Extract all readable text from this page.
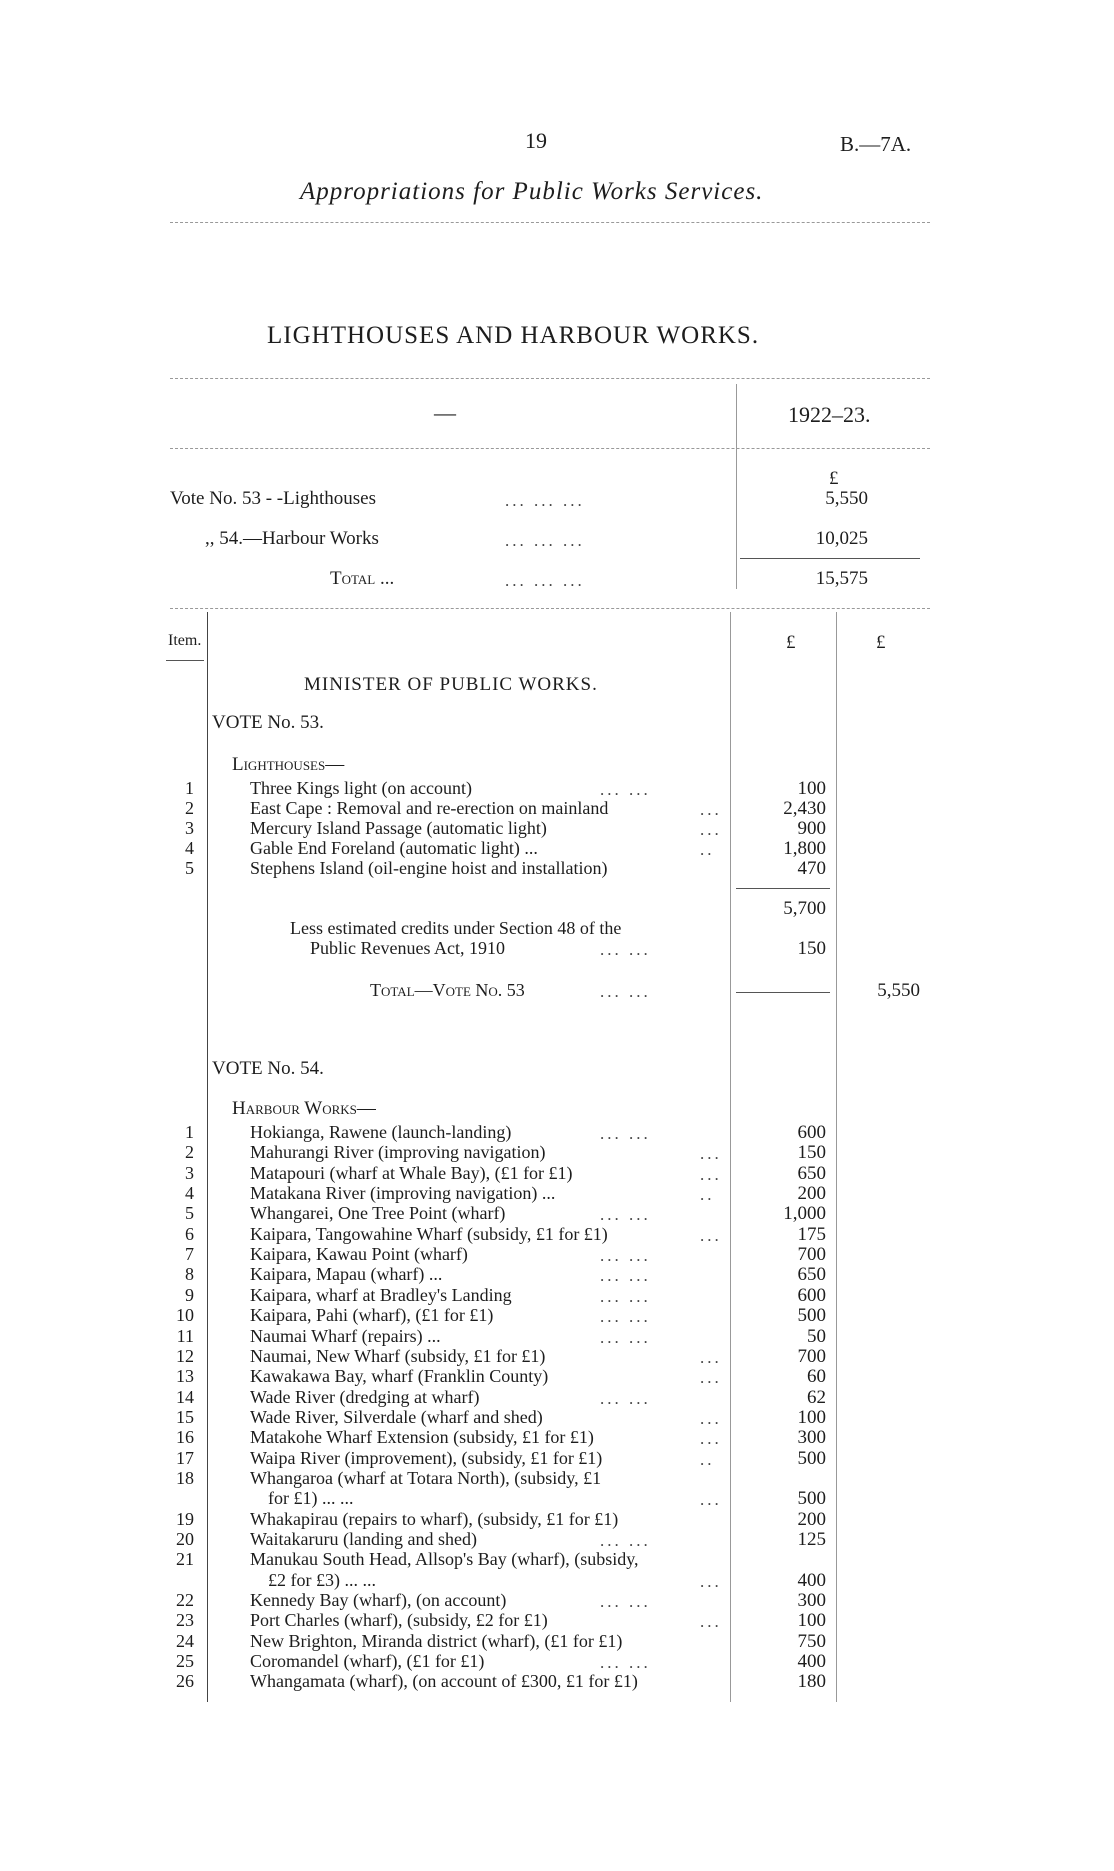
19	B.—7A.
Appropriations for Public Works Services.
LIGHTHOUSES AND HARBOUR WORKS.
—	1922–23.
£
Vote No. 53 - -Lighthouses	... ... ...	5,550
,, 54.—Harbour Works	... ... ...	10,025
Total ...	... ... ...	15,575
Item.	£	£
MINISTER OF PUBLIC WORKS.
VOTE No. 53.
Lighthouses—
1	Three Kings light (on account)	... ...	100
2	East Cape : Removal and re-erection on mainland	...	2,430
3	Mercury Island Passage (automatic light)	...	900
4	Gable End Foreland (automatic light) ...	..	1,800
5	Stephens Island (oil-engine hoist and installation)	470
5,700
Less estimated credits under Section 48 of the
Public Revenues Act, 1910	... ...	150
Total—Vote No. 53	... ...	5,550
VOTE No. 54.
Harbour Works—
1	Hokianga, Rawene (launch-landing)	... ...	600
2	Mahurangi River (improving navigation)	...	150
3	Matapouri (wharf at Whale Bay), (£1 for £1)	...	650
4	Matakana River (improving navigation) ...	..	200
5	Whangarei, One Tree Point (wharf)	... ...	1,000
6	Kaipara, Tangowahine Wharf (subsidy, £1 for £1)	...	175
7	Kaipara, Kawau Point (wharf)	... ...	700
8	Kaipara, Mapau (wharf) ...	... ...	650
9	Kaipara, wharf at Bradley's Landing	... ...	600
10	Kaipara, Pahi (wharf), (£1 for £1)	... ...	500
11	Naumai Wharf (repairs) ...	... ...	50
12	Naumai, New Wharf (subsidy, £1 for £1)	...	700
13	Kawakawa Bay, wharf (Franklin County)	...	60
14	Wade River (dredging at wharf)	... ...	62
15	Wade River, Silverdale (wharf and shed)	...	100
16	Matakohe Wharf Extension (subsidy, £1 for £1)	...	300
17	Waipa River (improvement), (subsidy, £1 for £1)	..	500
18	Whangaroa (wharf at Totara North), (subsidy, £1
for £1) ... ...	...	500
19	Whakapirau (repairs to wharf), (subsidy, £1 for £1)	200
20	Waitakaruru (landing and shed)	... ...	125
21	Manukau South Head, Allsop's Bay (wharf), (subsidy,
£2 for £3) ... ...	...	400
22	Kennedy Bay (wharf), (on account)	... ...	300
23	Port Charles (wharf), (subsidy, £2 for £1)	...	100
24	New Brighton, Miranda district (wharf), (£1 for £1)	750
25	Coromandel (wharf), (£1 for £1)	... ...	400
26	Whangamata (wharf), (on account of £300, £1 for £1)	180
